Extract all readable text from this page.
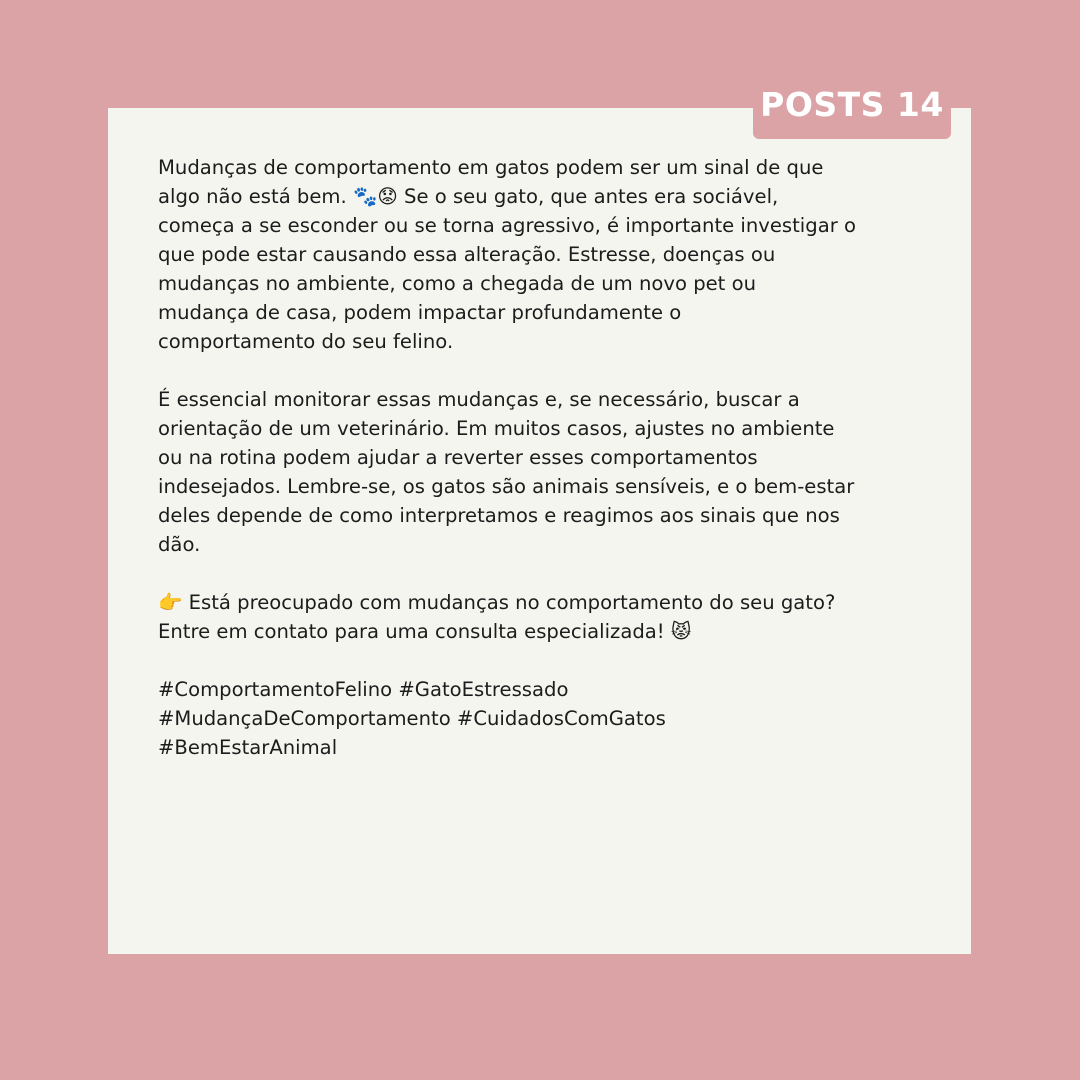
POSTS 14

Mudanças de comportamento em gatos podem ser um sinal de que
algo não está bem. 🐾😟 Se o seu gato, que antes era sociável,
começa a se esconder ou se torna agressivo, é importante investigar o
que pode estar causando essa alteração. Estresse, doenças ou
mudanças no ambiente, como a chegada de um novo pet ou
mudança de casa, podem impactar profundamente o
comportamento do seu felino.

É essencial monitorar essas mudanças e, se necessário, buscar a
orientação de um veterinário. Em muitos casos, ajustes no ambiente
ou na rotina podem ajudar a reverter esses comportamentos
indesejados. Lembre-se, os gatos são animais sensíveis, e o bem-estar
deles depende de como interpretamos e reagimos aos sinais que nos
dão.

👉 Está preocupado com mudanças no comportamento do seu gato?
Entre em contato para uma consulta especializada! 😾

#ComportamentoFelino #GatoEstressado
#MudançaDeComportamento #CuidadosComGatos
#BemEstarAnimal
